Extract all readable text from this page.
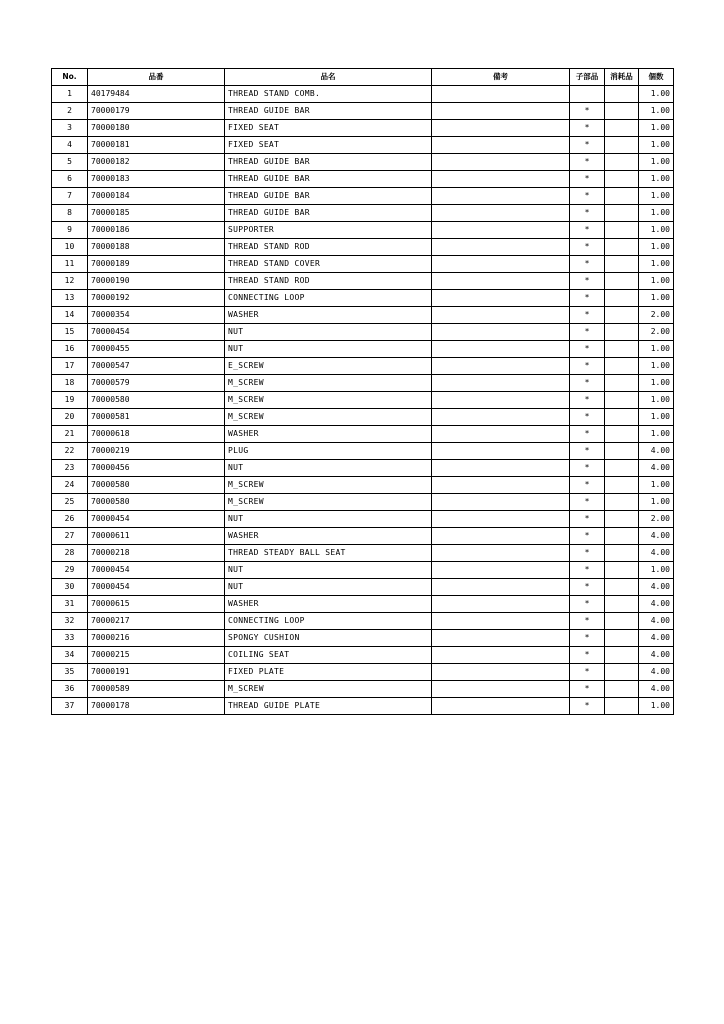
No.	品番	品名	備考	子部品	消耗品	個数
1	40179484	THREAD STAND COMB.				1.00
2	70000179	THREAD GUIDE BAR		*		1.00
3	70000180	FIXED SEAT		*		1.00
4	70000181	FIXED SEAT		*		1.00
5	70000182	THREAD GUIDE BAR		*		1.00
6	70000183	THREAD GUIDE BAR		*		1.00
7	70000184	THREAD GUIDE BAR		*		1.00
8	70000185	THREAD GUIDE BAR		*		1.00
9	70000186	SUPPORTER		*		1.00
10	70000188	THREAD STAND ROD		*		1.00
11	70000189	THREAD STAND COVER		*		1.00
12	70000190	THREAD STAND ROD		*		1.00
13	70000192	CONNECTING LOOP		*		1.00
14	70000354	WASHER		*		2.00
15	70000454	NUT		*		2.00
16	70000455	NUT		*		1.00
17	70000547	E_SCREW		*		1.00
18	70000579	M_SCREW		*		1.00
19	70000580	M_SCREW		*		1.00
20	70000581	M_SCREW		*		1.00
21	70000618	WASHER		*		1.00
22	70000219	PLUG		*		4.00
23	70000456	NUT		*		4.00
24	70000580	M_SCREW		*		1.00
25	70000580	M_SCREW		*		1.00
26	70000454	NUT		*		2.00
27	70000611	WASHER		*		4.00
28	70000218	THREAD STEADY BALL SEAT		*		4.00
29	70000454	NUT		*		1.00
30	70000454	NUT		*		4.00
31	70000615	WASHER		*		4.00
32	70000217	CONNECTING LOOP		*		4.00
33	70000216	SPONGY CUSHION		*		4.00
34	70000215	COILING SEAT		*		4.00
35	70000191	FIXED PLATE		*		4.00
36	70000589	M_SCREW		*		4.00
37	70000178	THREAD GUIDE PLATE		*		1.00
